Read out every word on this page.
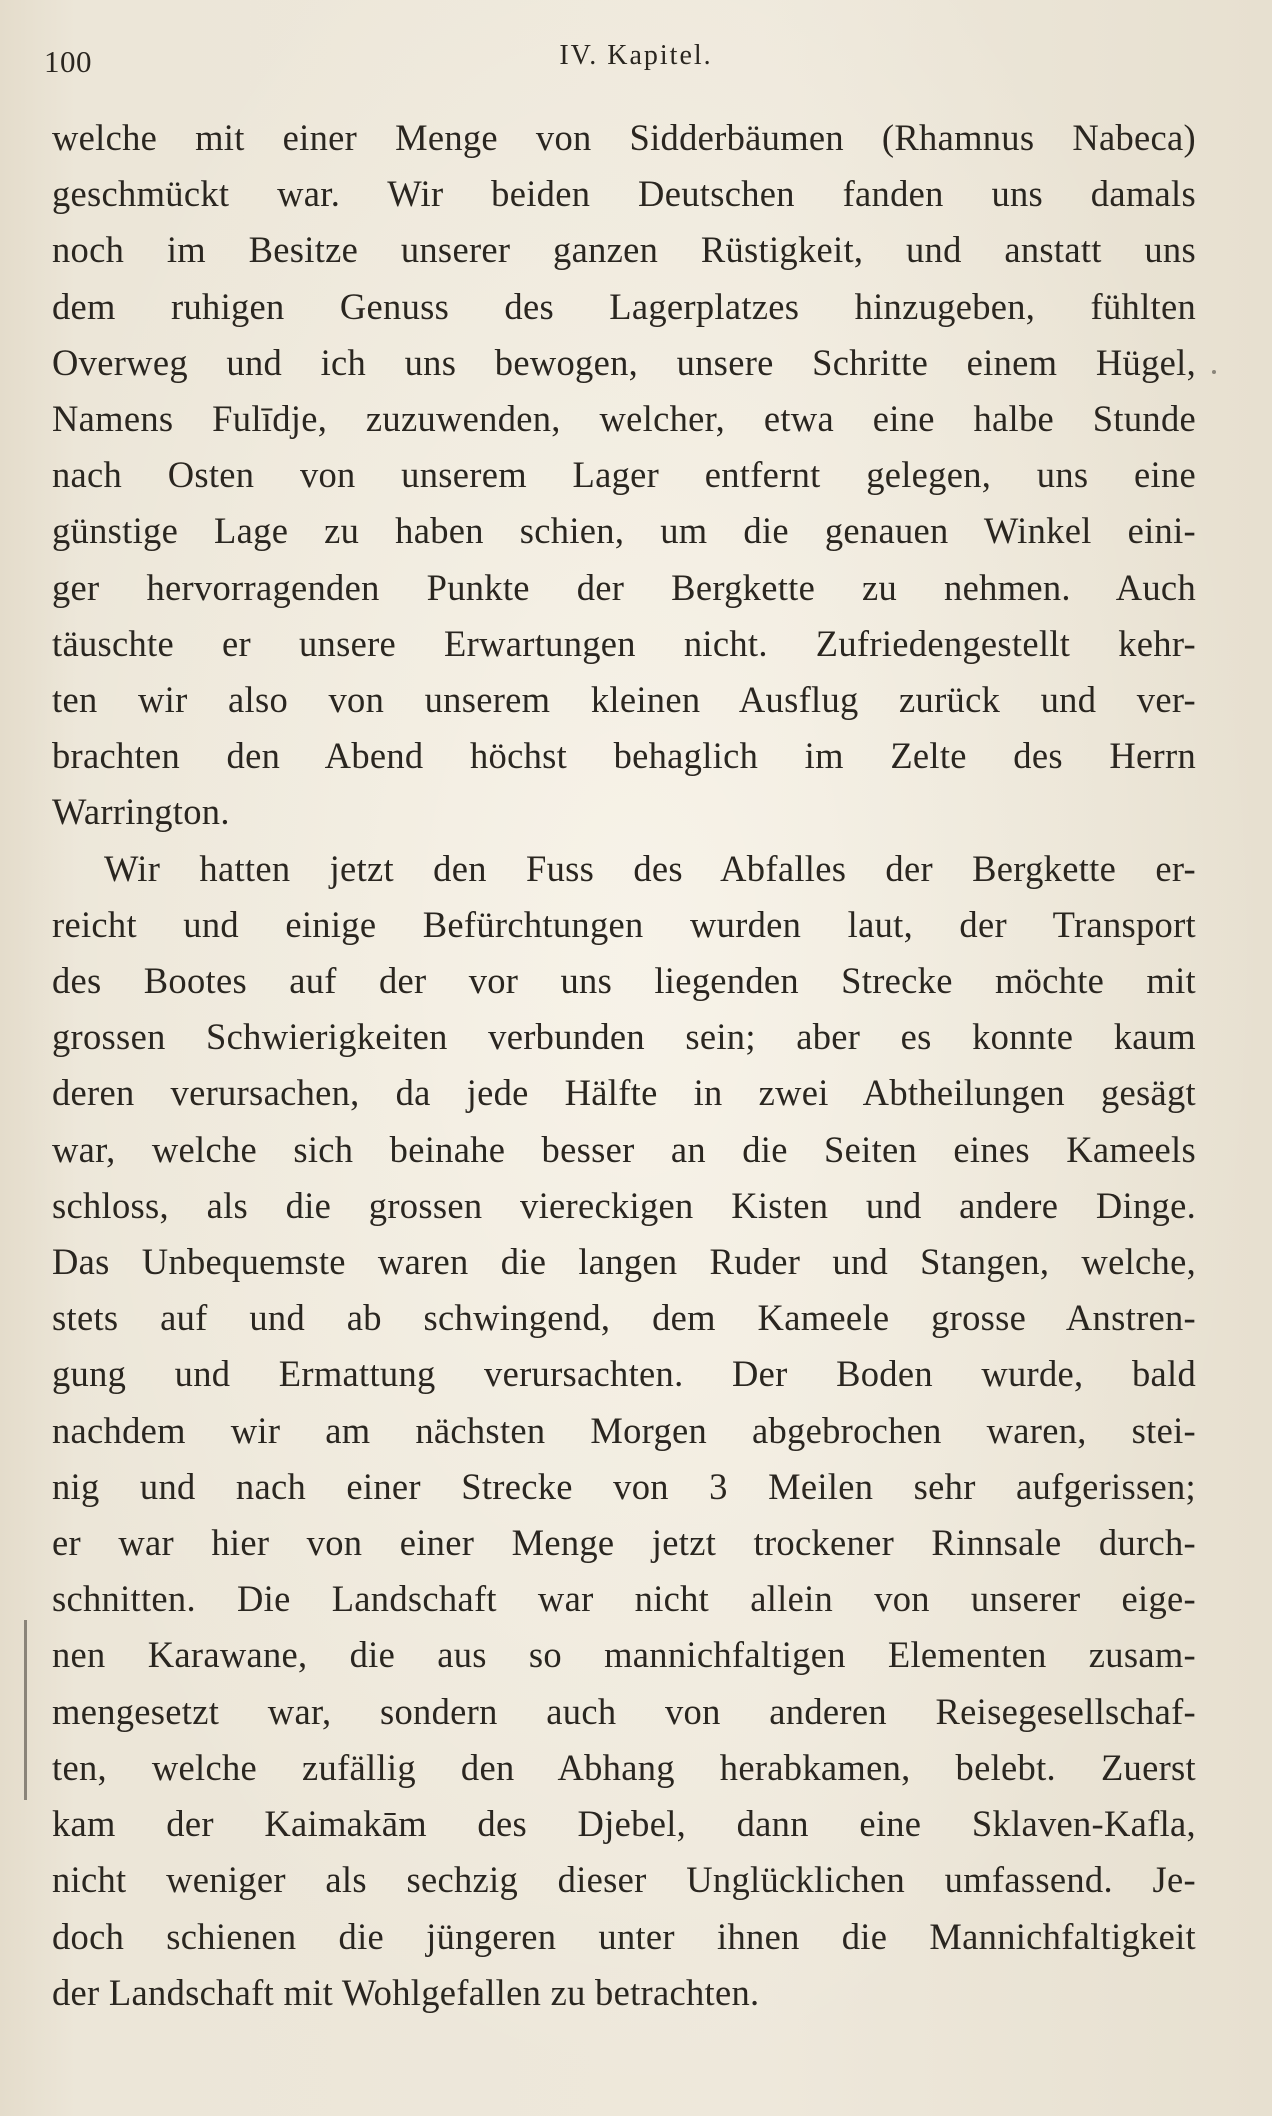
100	IV. Kapitel.
welche mit einer Menge von Sidderbäumen (Rhamnus Nabeca)
geschmückt war. Wir beiden Deutschen fanden uns damals
noch im Besitze unserer ganzen Rüstigkeit, und anstatt uns
dem ruhigen Genuss des Lagerplatzes hinzugeben, fühlten
Overweg und ich uns bewogen, unsere Schritte einem Hügel,
Namens Fulīdje, zuzuwenden, welcher, etwa eine halbe Stunde
nach Osten von unserem Lager entfernt gelegen, uns eine
günstige Lage zu haben schien, um die genauen Winkel eini-
ger hervorragenden Punkte der Bergkette zu nehmen. Auch
täuschte er unsere Erwartungen nicht. Zufriedengestellt kehr-
ten wir also von unserem kleinen Ausflug zurück und ver-
brachten den Abend höchst behaglich im Zelte des Herrn
Warrington.
Wir hatten jetzt den Fuss des Abfalles der Bergkette er-
reicht und einige Befürchtungen wurden laut, der Transport
des Bootes auf der vor uns liegenden Strecke möchte mit
grossen Schwierigkeiten verbunden sein; aber es konnte kaum
deren verursachen, da jede Hälfte in zwei Abtheilungen gesägt
war, welche sich beinahe besser an die Seiten eines Kameels
schloss, als die grossen viereckigen Kisten und andere Dinge.
Das Unbequemste waren die langen Ruder und Stangen, welche,
stets auf und ab schwingend, dem Kameele grosse Anstren-
gung und Ermattung verursachten. Der Boden wurde, bald
nachdem wir am nächsten Morgen abgebrochen waren, stei-
nig und nach einer Strecke von 3 Meilen sehr aufgerissen;
er war hier von einer Menge jetzt trockener Rinnsale durch-
schnitten. Die Landschaft war nicht allein von unserer eige-
nen Karawane, die aus so mannichfaltigen Elementen zusam-
mengesetzt war, sondern auch von anderen Reisegesellschaf-
ten, welche zufällig den Abhang herabkamen, belebt. Zuerst
kam der Kaimakām des Djebel, dann eine Sklaven-Kafla,
nicht weniger als sechzig dieser Unglücklichen umfassend. Je-
doch schienen die jüngeren unter ihnen die Mannichfaltigkeit
der Landschaft mit Wohlgefallen zu betrachten.
